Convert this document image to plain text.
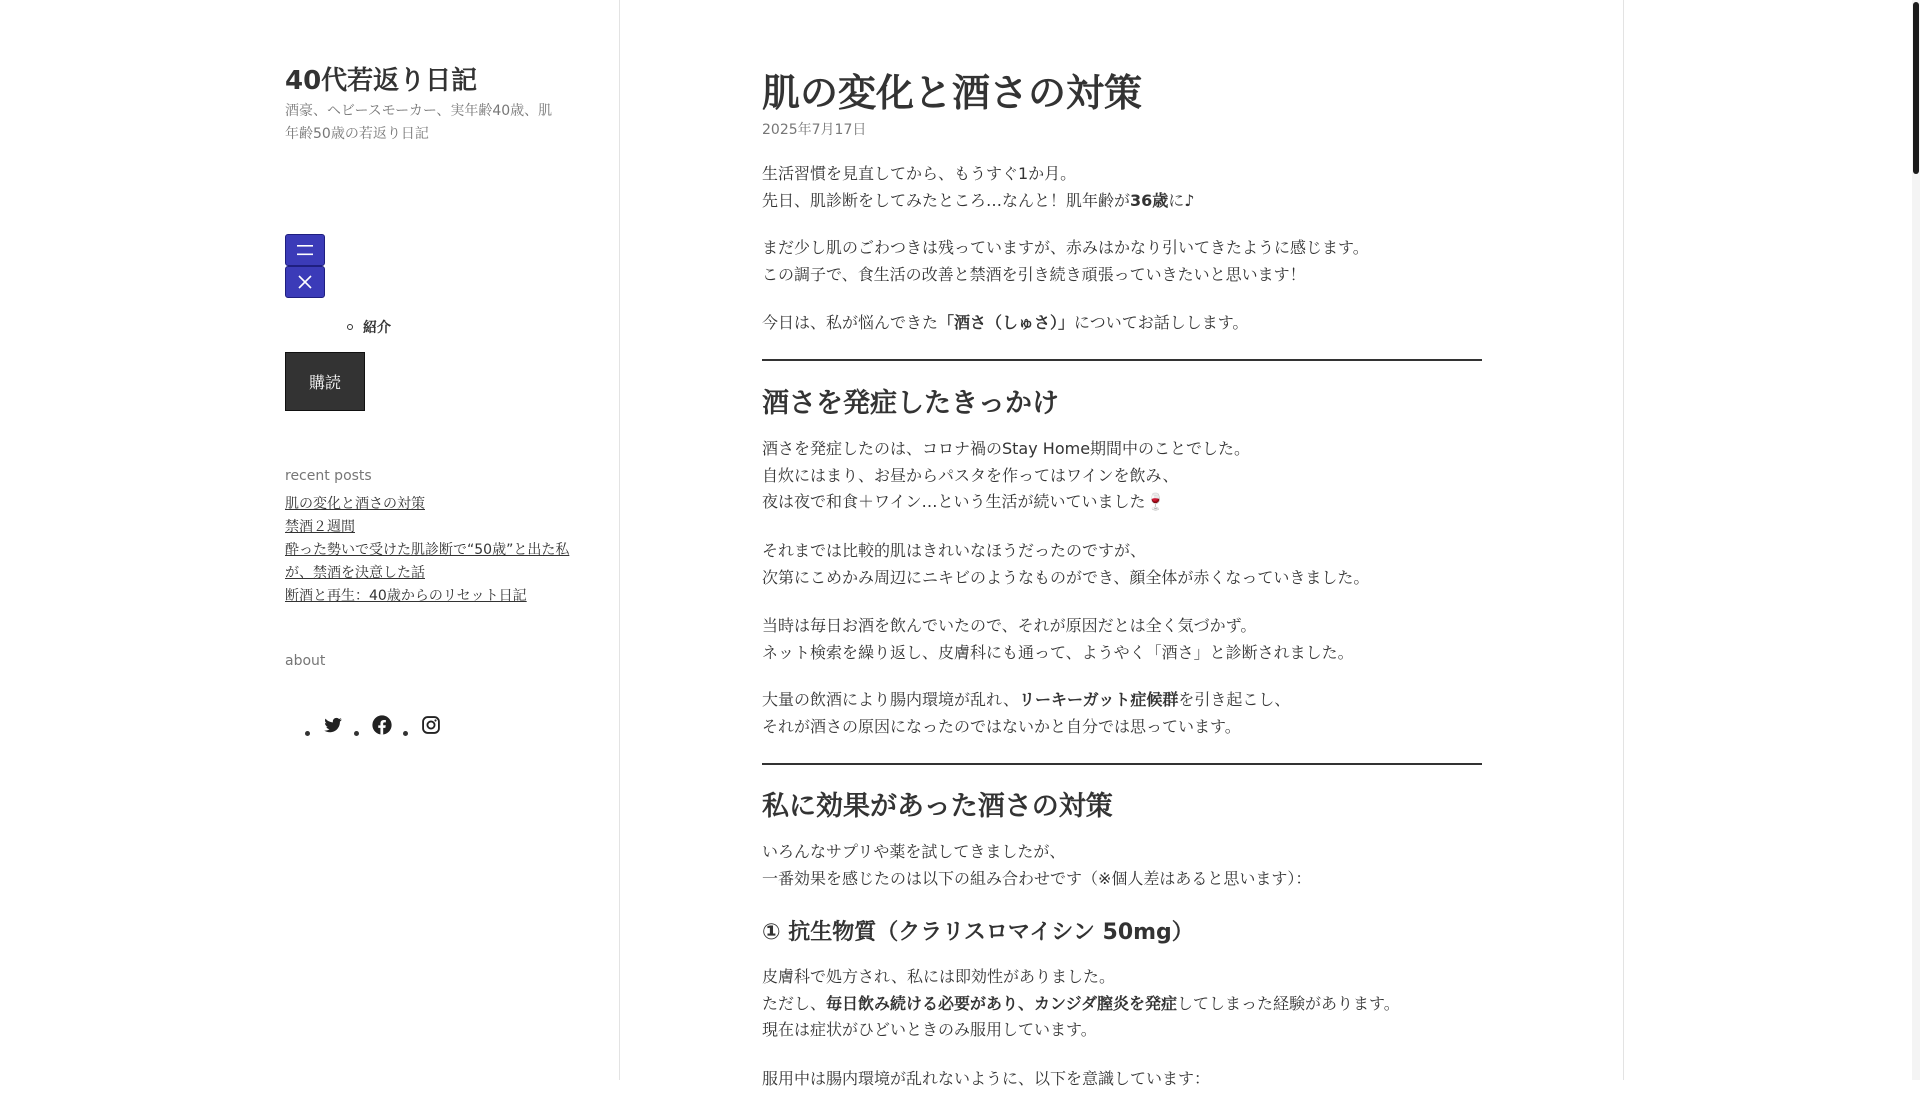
40代若返り日記

酒豪、ヘビースモーカー、実年齢40歳、肌年齢50歳の若返り日記

紹介
購読
recent posts
肌の変化と酒さの対策
禁酒２週間
酔った勢いで受けた肌診断で“50歳”と出た私が、禁酒を決意した話
断酒と再生：40歳からのリセット日記
about
肌の変化と酒さの対策
2025年7月17日

生活習慣を見直してから、もうすぐ1か月。
先日、肌診断をしてみたところ…なんと！肌年齢が36歳に♪

まだ少し肌のごわつきは残っていますが、赤みはかなり引いてきたように感じます。
この調子で、食生活の改善と禁酒を引き続き頑張っていきたいと思います！

今日は、私が悩んできた「酒さ（しゅさ）」についてお話しします。

酒さを発症したきっかけ

酒さを発症したのは、コロナ禍のStay Home期間中のことでした。
自炊にはまり、お昼からパスタを作ってはワインを飲み、
夜は夜で和食＋ワイン…という生活が続いていました🍷

それまでは比較的肌はきれいなほうだったのですが、
次第にこめかみ周辺にニキビのようなものができ、顔全体が赤くなっていきました。

当時は毎日お酒を飲んでいたので、それが原因だとは全く気づかず。
ネット検索を繰り返し、皮膚科にも通って、ようやく「酒さ」と診断されました。

大量の飲酒により腸内環境が乱れ、リーキーガット症候群を引き起こし、
それが酒さの原因になったのではないかと自分では思っています。

私に効果があった酒さの対策

いろんなサプリや薬を試してきましたが、
一番効果を感じたのは以下の組み合わせです（※個人差はあると思います）：

① 抗生物質（クラリスロマイシン 50mg）

皮膚科で処方され、私には即効性がありました。
ただし、毎日飲み続ける必要があり、カンジダ膣炎を発症してしまった経験があります。
現在は症状がひどいときのみ服用しています。

服用中は腸内環境が乱れないように、以下を意識しています：
